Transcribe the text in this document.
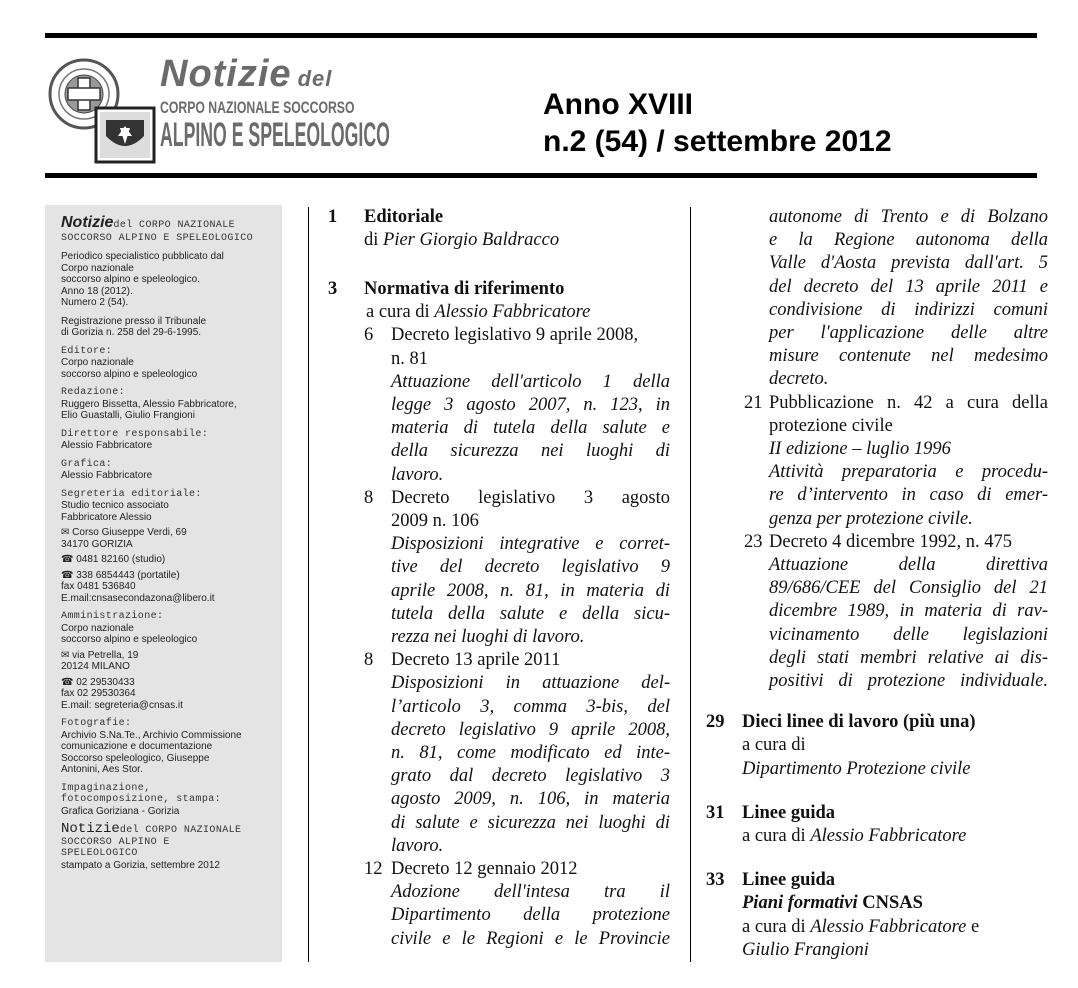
Notizie del
CORPO NAZIONALE SOCCORSO
ALPINO E SPELEOLOGICO
Anno XVIII
n.2 (54) / settembre 2012
Notiziedel CORPO NAZIONALE SOCCORSO ALPINO E SPELEOLOGICO
Periodico specialistico pubblicato dal
Corpo nazionale
soccorso alpino e speleologico.
Anno 18 (2012).
Numero 2 (54).
Registrazione presso il Tribunale
di Gorizia n. 258 del 29-6-1995.
Editore:
Corpo nazionale
soccorso alpino e speleologico
Redazione:
Ruggero Bissetta, Alessio Fabbricatore,
Elio Guastalli, Giulio Frangioni
Direttore responsabile:
Alessio Fabbricatore
Grafica:
Alessio Fabbricatore
Segreteria editoriale:
Studio tecnico associato
Fabbricatore Alessio
✉ Corso Giuseppe Verdi, 69
34170 GORIZIA
☎ 0481 82160 (studio)
☎ 338 6854443 (portatile)
fax 0481 536840
E.mail:cnsasecondazona@libero.it
Amministrazione:
Corpo nazionale
soccorso alpino e speleologico
✉ via Petrella, 19
20124 MILANO
☎ 02 29530433
fax 02 29530364
E.mail: segreteria@cnsas.it
Fotografie:
Archivio S.Na.Te., Archivio Commissione
comunicazione e documentazione
Soccorso speleologico, Giuseppe
Antonini, Aes Stor.
Impaginazione,
fotocomposizione, stampa:
Grafica Goriziana - Gorizia
Notiziedel CORPO NAZIONALE
SOCCORSO ALPINO E
SPELEOLOGICO
stampato a Gorizia, settembre 2012
1 Editoriale
di Pier Giorgio Baldracco
3 Normativa di riferimento
a cura di Alessio Fabbricatore
6 Decreto legislativo 9 aprile 2008,
n. 81
Attuazione dell'articolo 1 della
legge 3 agosto 2007, n. 123, in
materia di tutela della salute e
della sicurezza nei luoghi di
lavoro.
8 Decreto legislativo 3 agosto
2009 n. 106
Disposizioni integrative e corret-
tive del decreto legislativo 9
aprile 2008, n. 81, in materia di
tutela della salute e della sicu-
rezza nei luoghi di lavoro.
8 Decreto 13 aprile 2011
Disposizioni in attuazione del-
l’articolo 3, comma 3-bis, del
decreto legislativo 9 aprile 2008,
n. 81, come modificato ed inte-
grato dal decreto legislativo 3
agosto 2009, n. 106, in materia
di salute e sicurezza nei luoghi di
lavoro.
12 Decreto 12 gennaio 2012
Adozione dell'intesa tra il
Dipartimento della protezione
civile e le Regioni e le Provincie
autonome di Trento e di Bolzano
e la Regione autonoma della
Valle d'Aosta prevista dall'art. 5
del decreto del 13 aprile 2011 e
condivisione di indirizzi comuni
per l'applicazione delle altre
misure contenute nel medesimo
decreto.
21 Pubblicazione n. 42 a cura della
protezione civile
II edizione – luglio 1996
Attività preparatoria e procedu-
re d’intervento in caso di emer-
genza per protezione civile.
23 Decreto 4 dicembre 1992, n. 475
Attuazione della direttiva
89/686/CEE del Consiglio del 21
dicembre 1989, in materia di rav-
vicinamento delle legislazioni
degli stati membri relative ai dis-
positivi di protezione individuale.
29 Dieci linee di lavoro (più una)
a cura di
Dipartimento Protezione civile
31 Linee guida
a cura di Alessio Fabbricatore
33 Linee guida
Piani formativi CNSAS
a cura di Alessio Fabbricatore e
Giulio Frangioni
